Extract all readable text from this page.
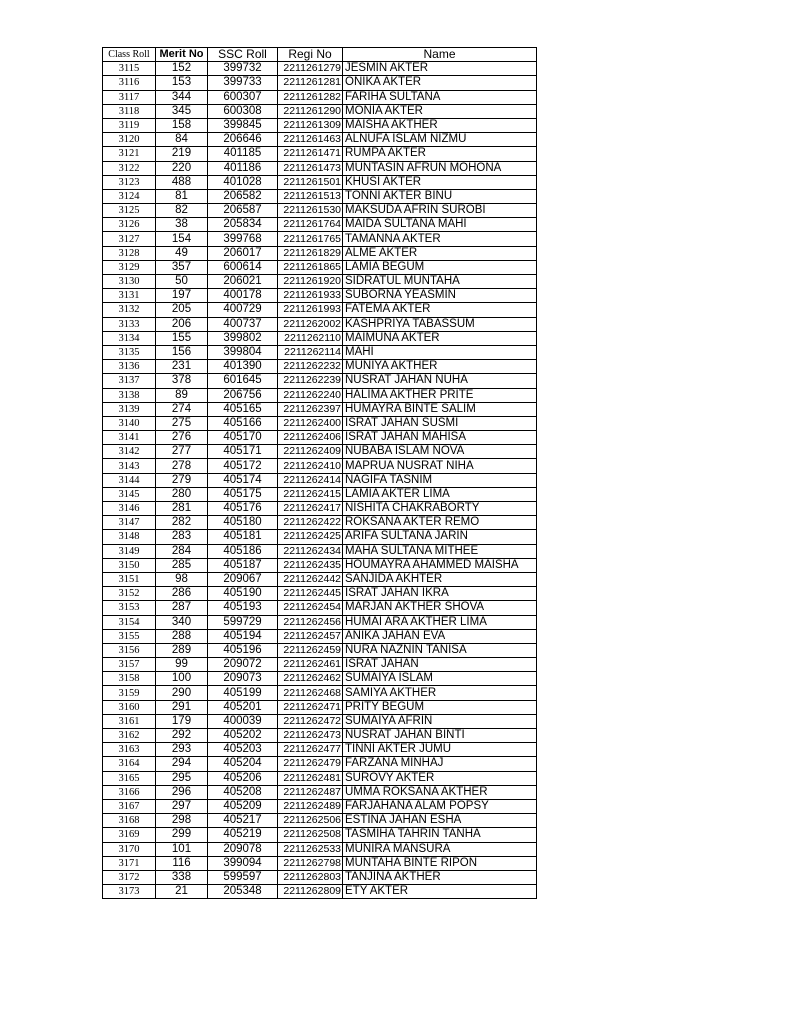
Class Roll	Merit No	SSC Roll	Regi No	Name
3115	152	399732	2211261279	JESMIN AKTER
3116	153	399733	2211261281	ONIKA AKTER
3117	344	600307	2211261282	FARIHA SULTANA
3118	345	600308	2211261290	MONIA AKTER
3119	158	399845	2211261309	MAISHA AKTHER
3120	84	206646	2211261463	ALNUFA ISLAM NIZMU
3121	219	401185	2211261471	RUMPA AKTER
3122	220	401186	2211261473	MUNTASIN AFRUN MOHONA
3123	488	401028	2211261501	KHUSI AKTER
3124	81	206582	2211261513	TONNI AKTER BINU
3125	82	206587	2211261530	MAKSUDA AFRIN SUROBI
3126	38	205834	2211261764	MAIDA SULTANA MAHI
3127	154	399768	2211261765	TAMANNA AKTER
3128	49	206017	2211261829	ALME AKTER
3129	357	600614	2211261865	LAMIA BEGUM
3130	50	206021	2211261920	SIDRATUL MUNTAHA
3131	197	400178	2211261933	SUBORNA YEASMIN
3132	205	400729	2211261993	FATEMA AKTER
3133	206	400737	2211262002	KASHPRIYA TABASSUM
3134	155	399802	2211262110	MAIMUNA AKTER
3135	156	399804	2211262114	MAHI
3136	231	401390	2211262232	MUNIYA AKTHER
3137	378	601645	2211262239	NUSRAT JAHAN NUHA
3138	89	206756	2211262240	HALIMA AKTHER PRITE
3139	274	405165	2211262397	HUMAYRA BINTE SALIM
3140	275	405166	2211262400	ISRAT JAHAN SUSMI
3141	276	405170	2211262406	ISRAT JAHAN MAHISA
3142	277	405171	2211262409	NUBABA ISLAM NOVA
3143	278	405172	2211262410	MAPRUA NUSRAT NIHA
3144	279	405174	2211262414	NAGIFA TASNIM
3145	280	405175	2211262415	LAMIA AKTER LIMA
3146	281	405176	2211262417	NISHITA CHAKRABORTY
3147	282	405180	2211262422	ROKSANA AKTER REMO
3148	283	405181	2211262425	ARIFA SULTANA JARIN
3149	284	405186	2211262434	MAHA SULTANA MITHEE
3150	285	405187	2211262435	HOUMAYRA AHAMMED MAISHA
3151	98	209067	2211262442	SANJIDA AKHTER
3152	286	405190	2211262445	ISRAT JAHAN IKRA
3153	287	405193	2211262454	MARJAN AKTHER SHOVA
3154	340	599729	2211262456	HUMAI ARA AKTHER LIMA
3155	288	405194	2211262457	ANIKA JAHAN EVA
3156	289	405196	2211262459	NURA NAZNIN TANISA
3157	99	209072	2211262461	ISRAT JAHAN
3158	100	209073	2211262462	SUMAIYA ISLAM
3159	290	405199	2211262468	SAMIYA AKTHER
3160	291	405201	2211262471	PRITY BEGUM
3161	179	400039	2211262472	SUMAIYA AFRIN
3162	292	405202	2211262473	NUSRAT JAHAN BINTI
3163	293	405203	2211262477	TINNI AKTER JUMU
3164	294	405204	2211262479	FARZANA MINHAJ
3165	295	405206	2211262481	SUROVY AKTER
3166	296	405208	2211262487	UMMA ROKSANA AKTHER
3167	297	405209	2211262489	FARJAHANA ALAM POPSY
3168	298	405217	2211262506	ESTINA JAHAN ESHA
3169	299	405219	2211262508	TASMIHA TAHRIN TANHA
3170	101	209078	2211262533	MUNIRA MANSURA
3171	116	399094	2211262798	MUNTAHA BINTE RIPON
3172	338	599597	2211262803	TANJINA AKTHER
3173	21	205348	2211262809	ETY AKTER
